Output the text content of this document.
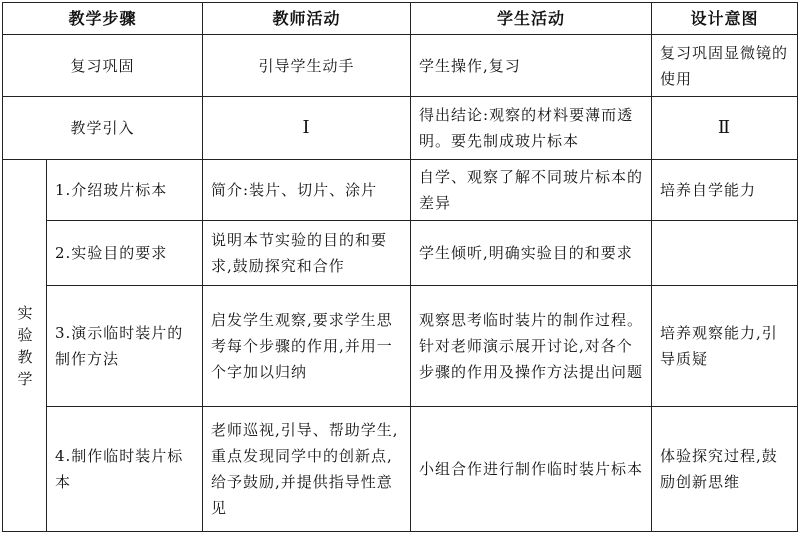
教学步骤		教师活动	学生活动	设计意图
复习巩固		引导学生动手	学生操作,复习	复习巩固显微镜的使用
教学引入		Ⅰ	得出结论:观察的材料要薄而透明。要先制成玻片标本	Ⅱ

实验教学	1.介绍玻片标本	简介:装片、切片、涂片	自学、观察了解不同玻片标本的差异	培养自学能力
	2.实验目的要求	说明本节实验的目的和要求,鼓励探究和合作	学生倾听,明确实验目的和要求	
	3.演示临时装片的制作方法	启发学生观察,要求学生思考每个步骤的作用,并用一个字加以归纳	观察思考临时装片的制作过程。针对老师演示展开讨论,对各个步骤的作用及操作方法提出问题	培养观察能力,引导质疑
	4.制作临时装片标本	老师巡视,引导、帮助学生,重点发现同学中的创新点,给予鼓励,并提供指导性意见	小组合作进行制作临时装片标本	体验探究过程,鼓励创新思维
